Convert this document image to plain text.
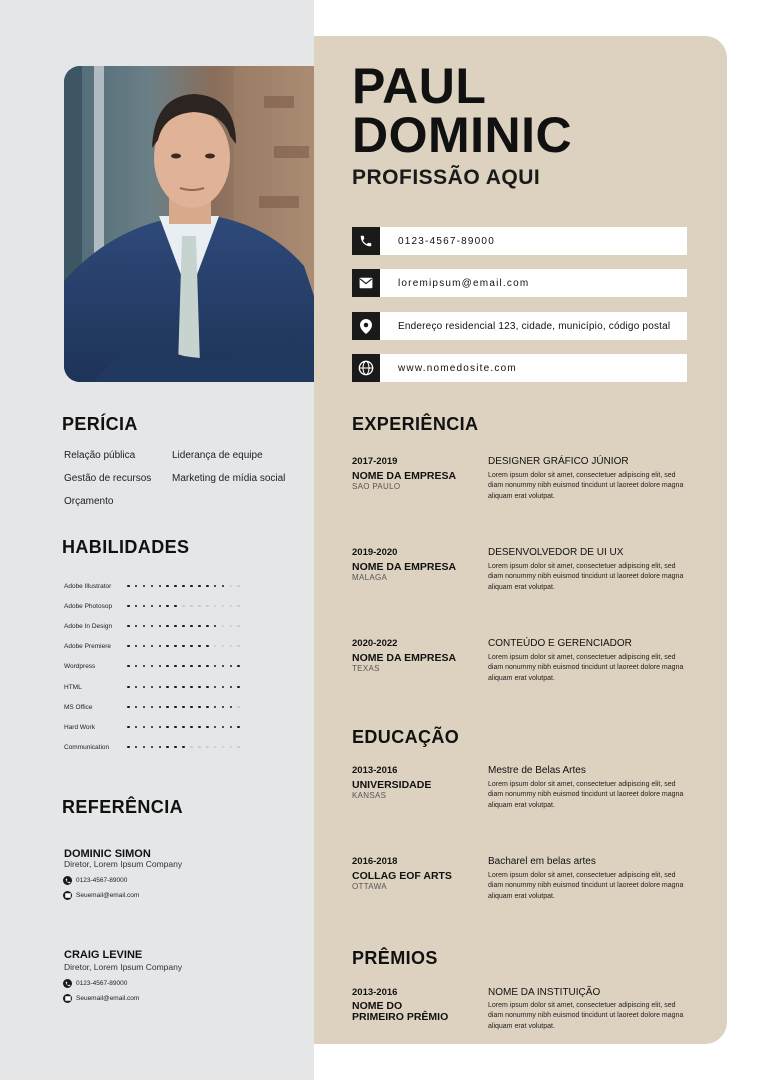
PAUL
DOMINIC
PROFISSÃO AQUI
0123-4567-89000
loremipsum@email.com
Endereço residencial 123, cidade, município, código postal
www.nomedosite.com
PERÍCIA
Relação pública	Liderança de equipe
Gestão de recursos Marketing de mídia social
Orçamento
HABILIDADES
Adobe Illustrator
Adobe Photosop
Adobe In Design
Adobe Premiere
Wordpress
HTML
MS Office
Hard Work
Communication
REFERÊNCIA
DOMINIC SIMON
Diretor, Lorem Ipsum Company
0123-4567-89000
Seuemail@email.com
CRAIG LEVINE
Diretor, Lorem Ipsum Company
0123-4567-89000
Seuemail@email.com
EXPERIÊNCIA
2017-2019
NOME DA EMPRESA
SAO PAULO
DESIGNER GRÁFICO JÚNIOR
Lorem ipsum dolor sit amet, consectetuer adipiscing elit, sed diam nonummy nibh euismod tincidunt ut laoreet dolore magna aliquam erat volutpat.
2019-2020
NOME DA EMPRESA
MALAGA
DESENVOLVEDOR DE UI UX
Lorem ipsum dolor sit amet, consectetuer adipiscing elit, sed diam nonummy nibh euismod tincidunt ut laoreet dolore magna aliquam erat volutpat.
2020-2022
NOME DA EMPRESA
TEXAS
CONTEÚDO E GERENCIADOR
Lorem ipsum dolor sit amet, consectetuer adipiscing elit, sed diam nonummy nibh euismod tincidunt ut laoreet dolore magna aliquam erat volutpat.
EDUCAÇÃO
2013-2016
UNIVERSIDADE
KANSAS
Mestre de Belas Artes
Lorem ipsum dolor sit amet, consectetuer adipiscing elit, sed diam nonummy nibh euismod tincidunt ut laoreet dolore magna aliquam erat volutpat.
2016-2018
COLLAG EOF ARTS
OTTAWA
Bacharel em belas artes
Lorem ipsum dolor sit amet, consectetuer adipiscing elit, sed diam nonummy nibh euismod tincidunt ut laoreet dolore magna aliquam erat volutpat.
PRÊMIOS
2013-2016
NOME DO
PRIMEIRO PRÊMIO
NOME DA INSTITUIÇÃO
Lorem ipsum dolor sit amet, consectetuer adipiscing elit, sed diam nonummy nibh euismod tincidunt ut laoreet dolore magna aliquam erat volutpat.
